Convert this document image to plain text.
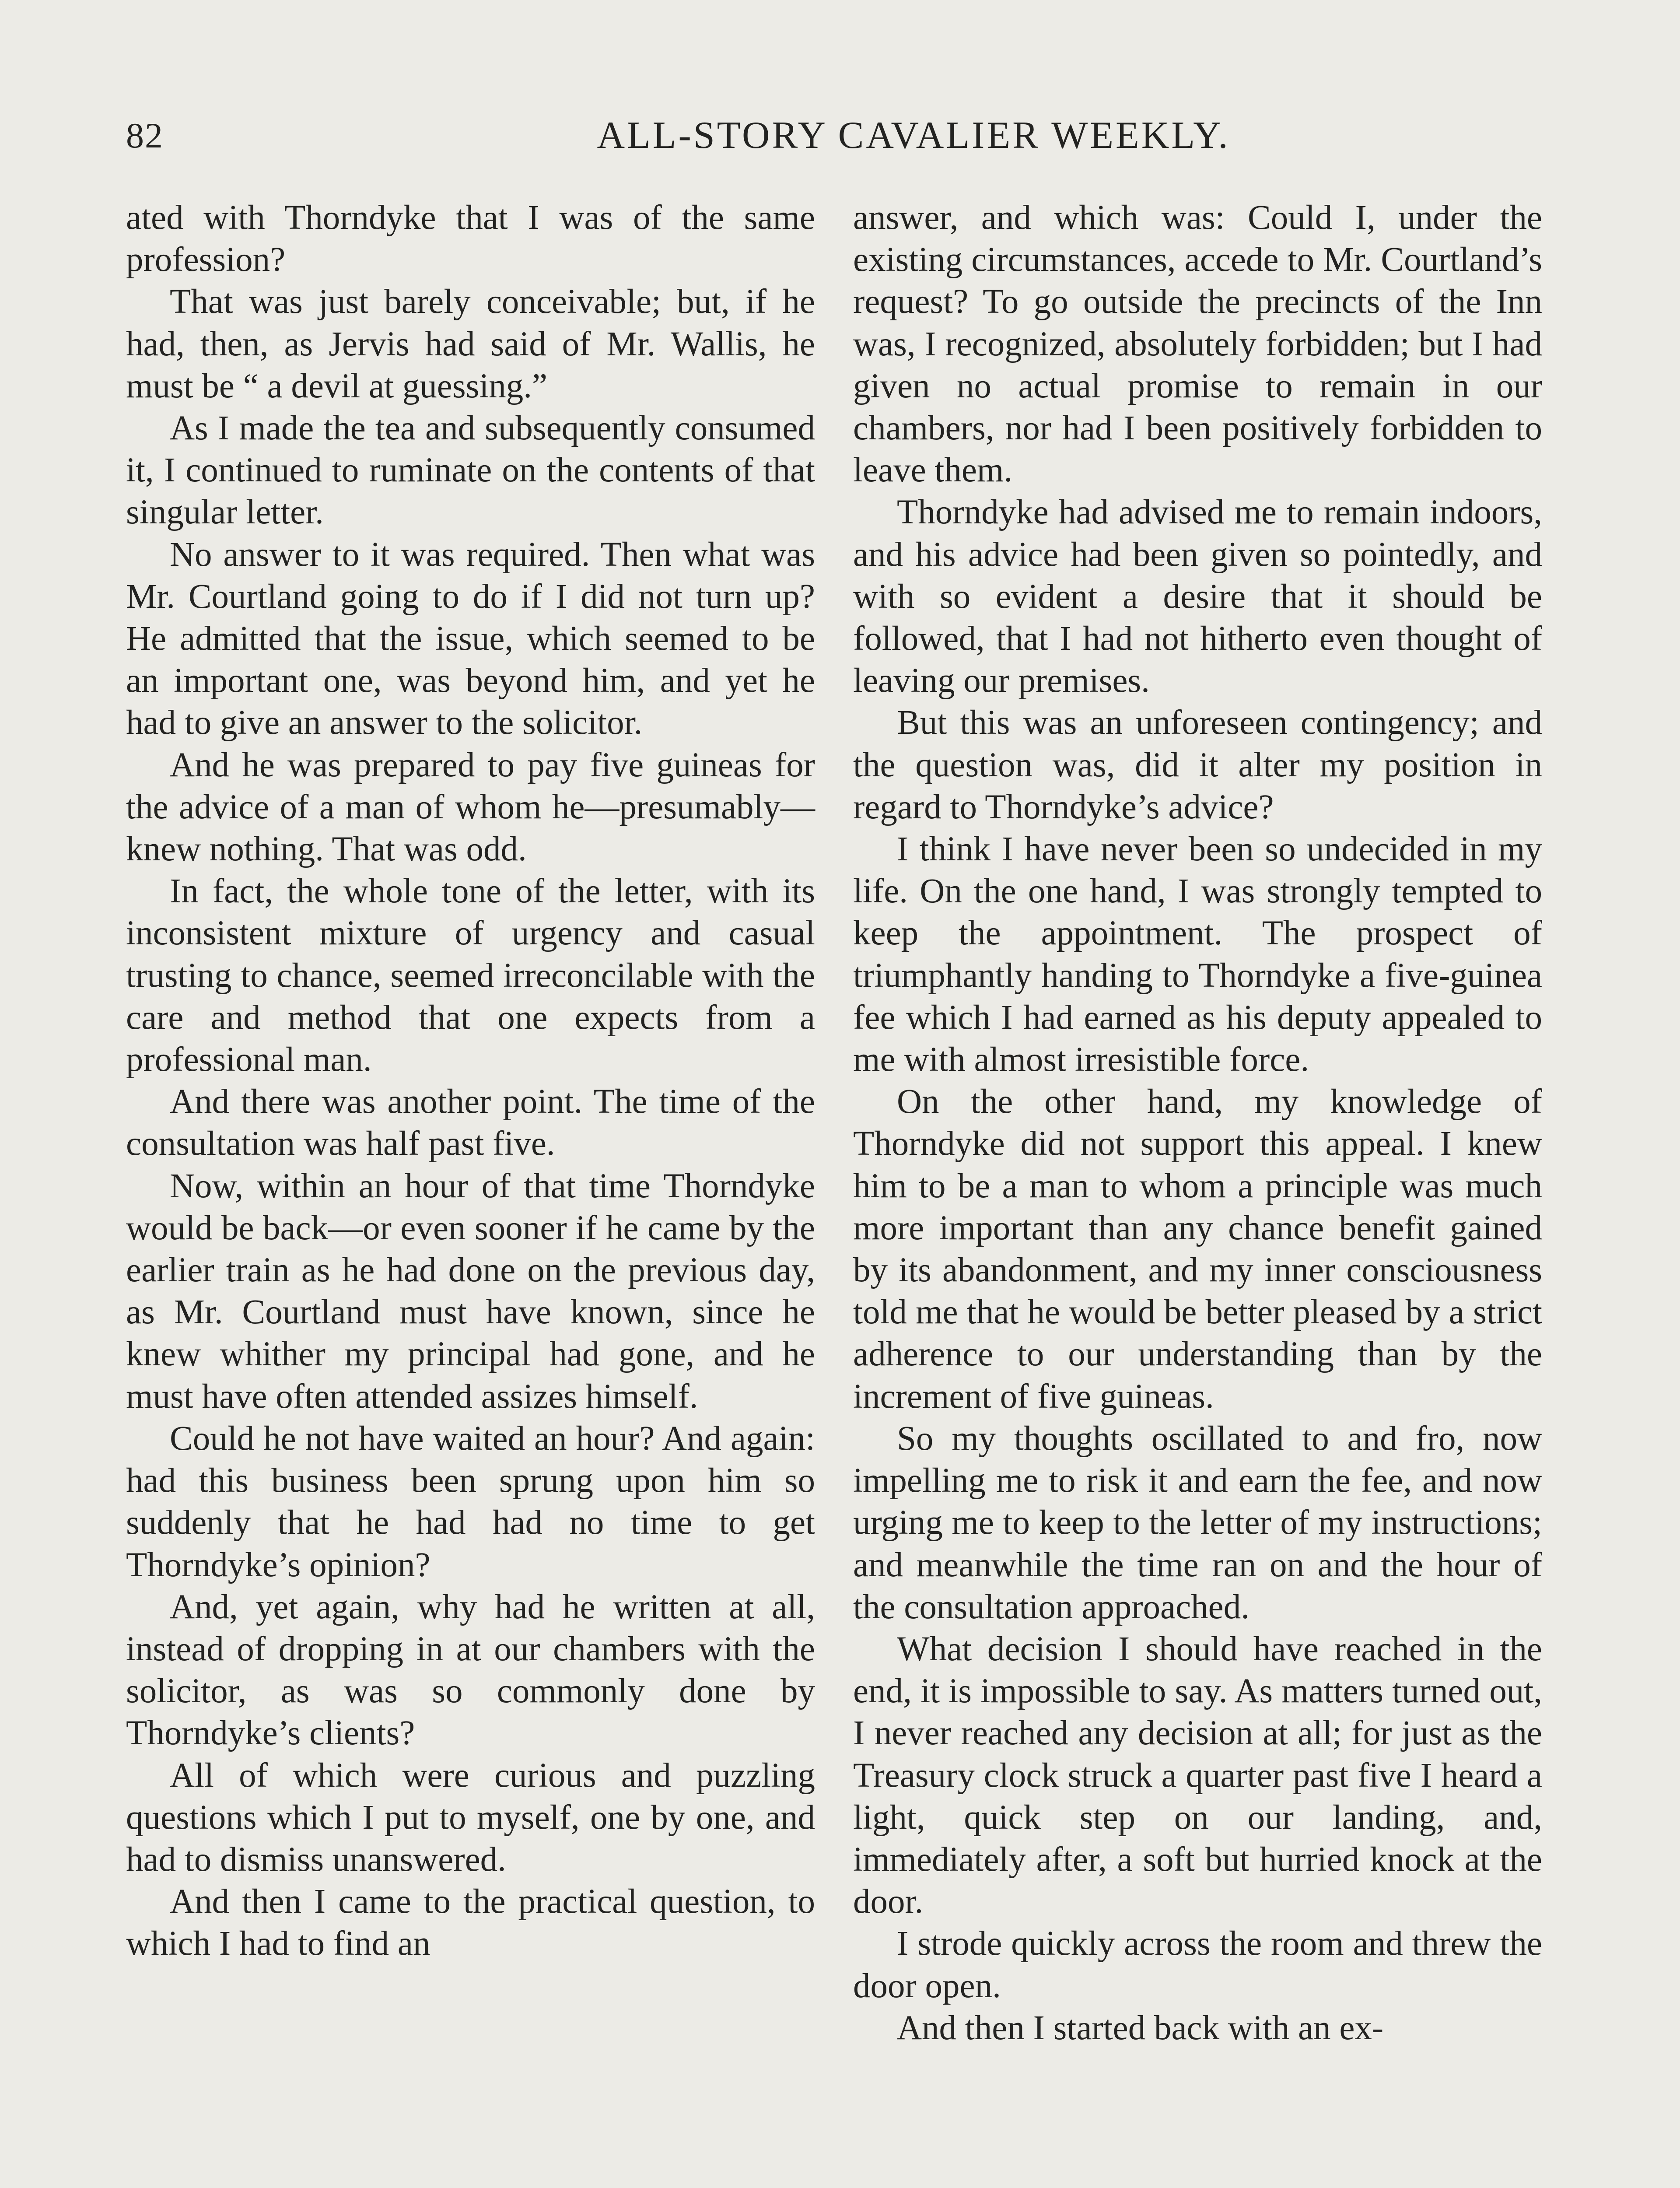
82	ALL-STORY CAVALIER WEEKLY.

ated with Thorndyke that I was of the same profession?

That was just barely conceivable; but, if he had, then, as Jervis had said of Mr. Wallis, he must be “ a devil at guessing.”

As I made the tea and subsequently consumed it, I continued to ruminate on the contents of that singular letter.

No answer to it was required. Then what was Mr. Courtland going to do if I did not turn up? He admitted that the issue, which seemed to be an important one, was beyond him, and yet he had to give an answer to the solicitor.

And he was prepared to pay five guineas for the advice of a man of whom he—presumably—knew nothing. That was odd.

In fact, the whole tone of the letter, with its inconsistent mixture of urgency and casual trusting to chance, seemed irreconcilable with the care and method that one expects from a professional man.

And there was another point. The time of the consultation was half past five.

Now, within an hour of that time Thorndyke would be back—or even sooner if he came by the earlier train as he had done on the previous day, as Mr. Courtland must have known, since he knew whither my principal had gone, and he must have often attended assizes himself.

Could he not have waited an hour? And again: had this business been sprung upon him so suddenly that he had had no time to get Thorndyke’s opinion?

And, yet again, why had he written at all, instead of dropping in at our chambers with the solicitor, as was so commonly done by Thorndyke’s clients?

All of which were curious and puzzling questions which I put to myself, one by one, and had to dismiss unanswered.

And then I came to the practical question, to which I had to find an

answer, and which was: Could I, under the existing circumstances, accede to Mr. Courtland’s request? To go outside the precincts of the Inn was, I recognized, absolutely forbidden; but I had given no actual promise to remain in our chambers, nor had I been positively forbidden to leave them.

Thorndyke had advised me to remain indoors, and his advice had been given so pointedly, and with so evident a desire that it should be followed, that I had not hitherto even thought of leaving our premises.

But this was an unforeseen contingency; and the question was, did it alter my position in regard to Thorndyke’s advice?

I think I have never been so undecided in my life. On the one hand, I was strongly tempted to keep the appointment. The prospect of triumphantly handing to Thorndyke a five-guinea fee which I had earned as his deputy appealed to me with almost irresistible force.

On the other hand, my knowledge of Thorndyke did not support this appeal. I knew him to be a man to whom a principle was much more important than any chance benefit gained by its abandonment, and my inner consciousness told me that he would be better pleased by a strict adherence to our understanding than by the increment of five guineas.

So my thoughts oscillated to and fro, now impelling me to risk it and earn the fee, and now urging me to keep to the letter of my instructions; and meanwhile the time ran on and the hour of the consultation approached.

What decision I should have reached in the end, it is impossible to say. As matters turned out, I never reached any decision at all; for just as the Treasury clock struck a quarter past five I heard a light, quick step on our landing, and, immediately after, a soft but hurried knock at the door.

I strode quickly across the room and threw the door open.

And then I started back with an ex-
